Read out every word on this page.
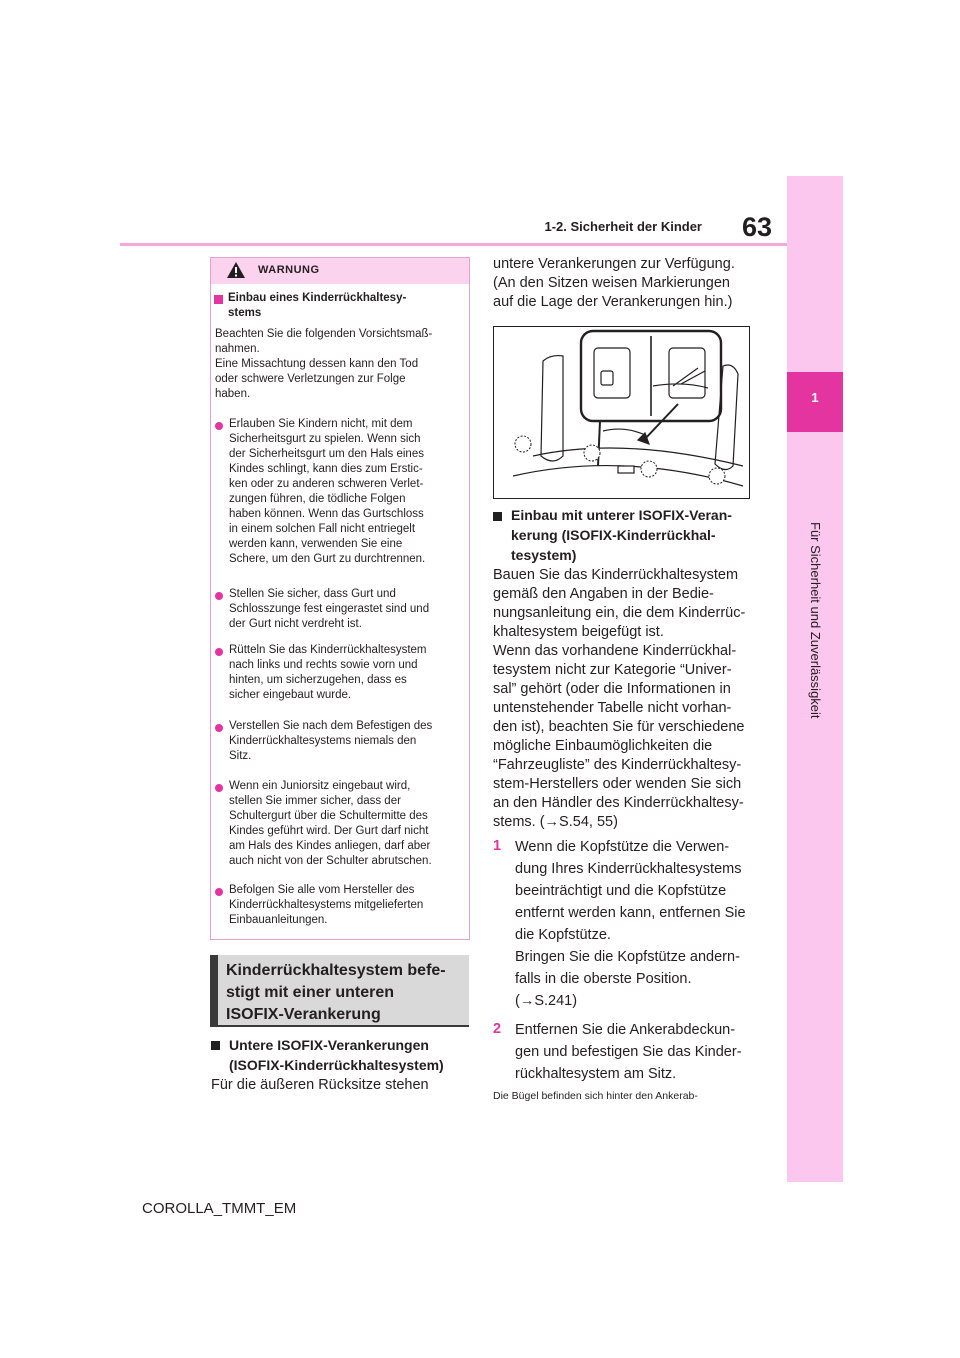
63
1-2. Sicherheit der Kinder
1
Für Sicherheit und Zuverlässigkeit
WARNUNG
Einbau eines Kinderrückhaltesy-
stems
Beachten Sie die folgenden Vorsichtsmaß-
nahmen.
Eine Missachtung dessen kann den Tod
oder schwere Verletzungen zur Folge
haben.
Erlauben Sie Kindern nicht, mit dem
Sicherheitsgurt zu spielen. Wenn sich
der Sicherheitsgurt um den Hals eines
Kindes schlingt, kann dies zum Erstic-
ken oder zu anderen schweren Verlet-
zungen führen, die tödliche Folgen
haben können. Wenn das Gurtschloss
in einem solchen Fall nicht entriegelt
werden kann, verwenden Sie eine
Schere, um den Gurt zu durchtrennen.
Stellen Sie sicher, dass Gurt und
Schlosszunge fest eingerastet sind und
der Gurt nicht verdreht ist.
Rütteln Sie das Kinderrückhaltesystem
nach links und rechts sowie vorn und
hinten, um sicherzugehen, dass es
sicher eingebaut wurde.
Verstellen Sie nach dem Befestigen des
Kinderrückhaltesystems niemals den
Sitz.
Wenn ein Juniorsitz eingebaut wird,
stellen Sie immer sicher, dass der
Schultergurt über die Schultermitte des
Kindes geführt wird. Der Gurt darf nicht
am Hals des Kindes anliegen, darf aber
auch nicht von der Schulter abrutschen.
Befolgen Sie alle vom Hersteller des
Kinderrückhaltesystems mitgelieferten
Einbauanleitungen.
Kinderrückhaltesystem befe-
stigt mit einer unteren
ISOFIX-Verankerung
Untere ISOFIX-Verankerungen
(ISOFIX-Kinderrückhaltesystem)
Für die äußeren Rücksitze stehen
untere Verankerungen zur Verfügung.
(An den Sitzen weisen Markierungen
auf die Lage der Verankerungen hin.)
Einbau mit unterer ISOFIX-Veran-
kerung (ISOFIX-Kinderrückhal-
tesystem)
Bauen Sie das Kinderrückhaltesystem
gemäß den Angaben in der Bedie-
nungsanleitung ein, die dem Kinderrüc-
khaltesystem beigefügt ist.
Wenn das vorhandene Kinderrückhal-
tesystem nicht zur Kategorie “Univer-
sal” gehört (oder die Informationen in
untenstehender Tabelle nicht vorhan-
den ist), beachten Sie für verschiedene
mögliche Einbaumöglichkeiten die
“Fahrzeugliste” des Kinderrückhaltesy-
stem-Herstellers oder wenden Sie sich
an den Händler des Kinderrückhaltesy-
stems. (→S.54, 55)
1 Wenn die Kopfstütze die Verwen-
dung Ihres Kinderrückhaltesystems
beeinträchtigt und die Kopfstütze
entfernt werden kann, entfernen Sie
die Kopfstütze.
Bringen Sie die Kopfstütze andern-
falls in die oberste Position.
(→S.241)
2 Entfernen Sie die Ankerabdeckun-
gen und befestigen Sie das Kinder-
rückhaltesystem am Sitz.
Die Bügel befinden sich hinter den Ankerab-
COROLLA_TMMT_EM
